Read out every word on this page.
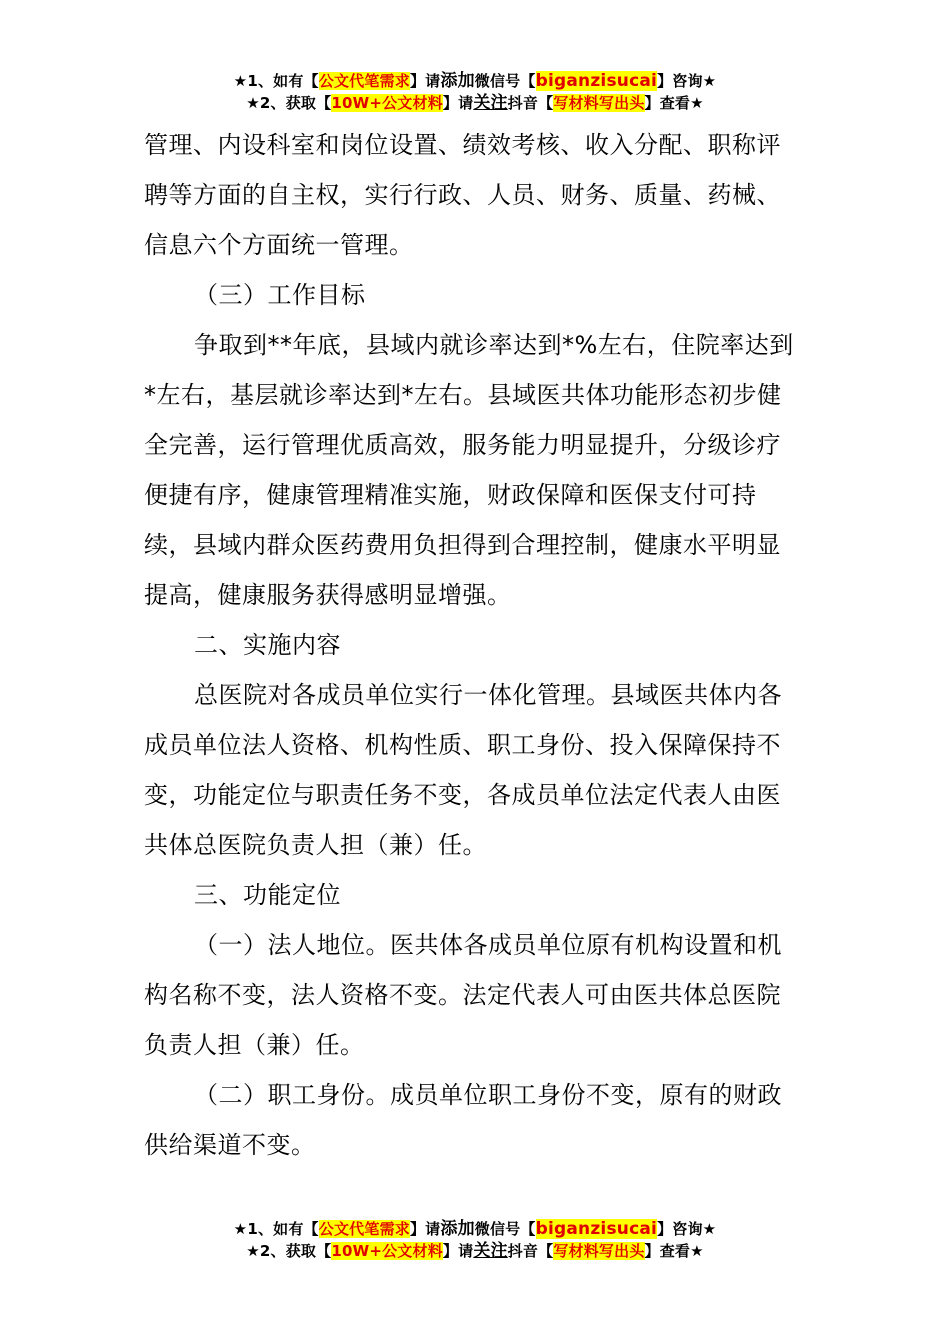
★1、如有【公文代笔需求】请添加微信号【biganzisucai】咨询★
★2、获取【10W+公文材料】请关注抖音【写材料写出头】查看★

管理、内设科室和岗位设置、绩效考核、收入分配、职称评聘等方面的自主权，实行行政、人员、财务、质量、药械、信息六个方面统一管理。

（三）工作目标

争取到**年底，县域内就诊率达到*%左右，住院率达到*左右，基层就诊率达到*左右。县域医共体功能形态初步健全完善，运行管理优质高效，服务能力明显提升，分级诊疗便捷有序，健康管理精准实施，财政保障和医保支付可持续，县域内群众医药费用负担得到合理控制，健康水平明显提高，健康服务获得感明显增强。

二、实施内容

总医院对各成员单位实行一体化管理。县域医共体内各成员单位法人资格、机构性质、职工身份、投入保障保持不变，功能定位与职责任务不变，各成员单位法定代表人由医共体总医院负责人担（兼）任。

三、功能定位

（一）法人地位。医共体各成员单位原有机构设置和机构名称不变，法人资格不变。法定代表人可由医共体总医院负责人担（兼）任。

（二）职工身份。成员单位职工身份不变，原有的财政供给渠道不变。

★1、如有【公文代笔需求】请添加微信号【biganzisucai】咨询★
★2、获取【10W+公文材料】请关注抖音【写材料写出头】查看★
